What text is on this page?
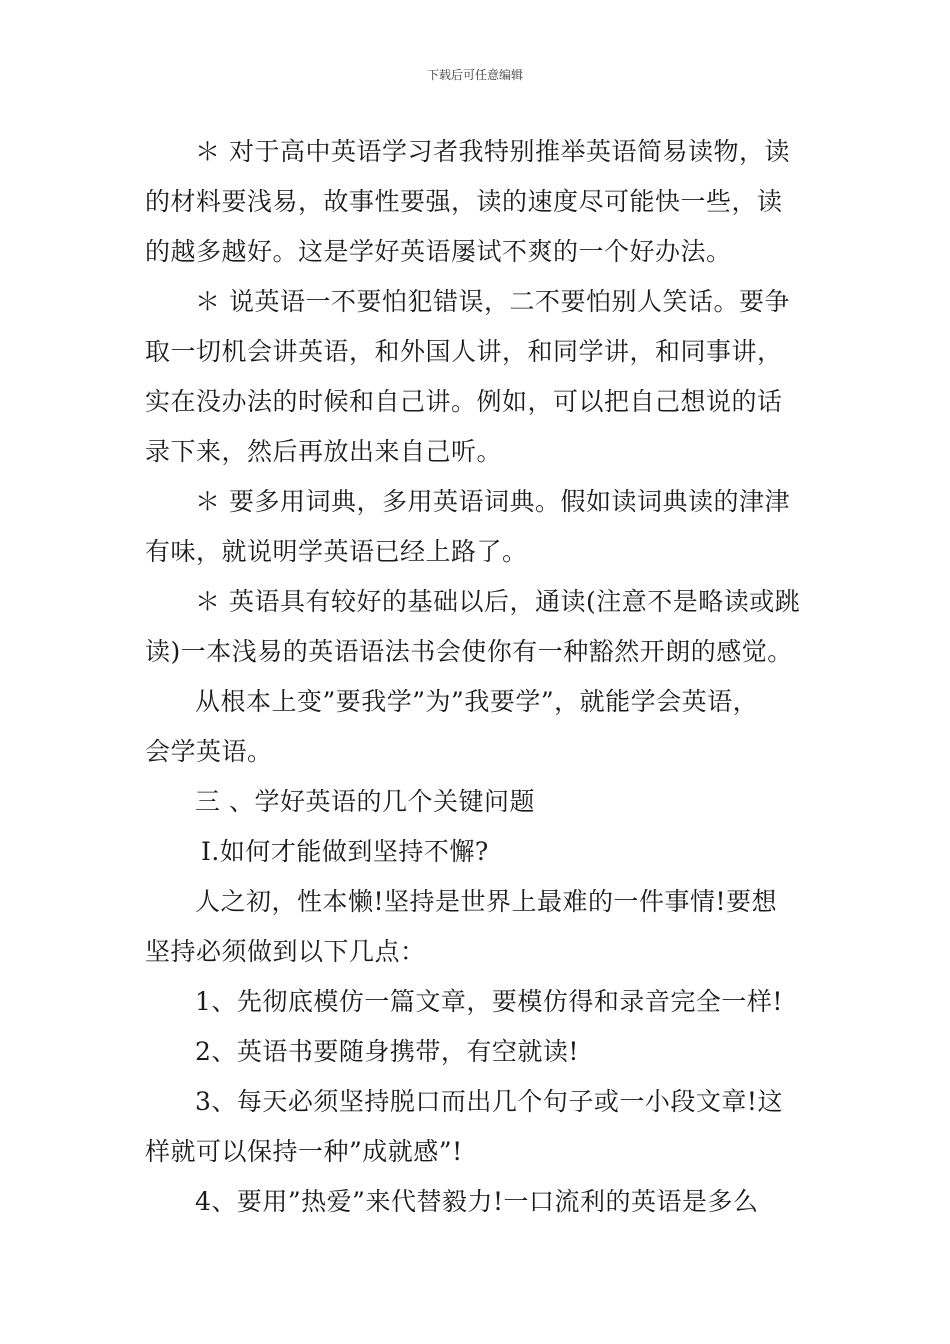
下载后可任意编辑

＊ 对于高中英语学习者我特别推举英语简易读物，读
的材料要浅易，故事性要强，读的速度尽可能快一些，读
的越多越好。这是学好英语屡试不爽的一个好办法。

＊ 说英语一不要怕犯错误，二不要怕别人笑话。要争
取一切机会讲英语，和外国人讲，和同学讲，和同事讲，
实在没办法的时候和自己讲。例如，可以把自己想说的话
录下来，然后再放出来自己听。

＊ 要多用词典，多用英语词典。假如读词典读的津津
有味，就说明学英语已经上路了。

＊ 英语具有较好的基础以后，通读(注意不是略读或跳
读)一本浅易的英语语法书会使你有一种豁然开朗的感觉。

从根本上变”要我学”为”我要学”，就能学会英语，
会学英语。

三 、学好英语的几个关键问题

Ⅰ.如何才能做到坚持不懈?

人之初，性本懒!坚持是世界上最难的一件事情!要想
坚持必须做到以下几点：

1、先彻底模仿一篇文章，要模仿得和录音完全一样!

2、英语书要随身携带，有空就读!

3、每天必须坚持脱口而出几个句子或一小段文章!这
样就可以保持一种”成就感”!

4、要用”热爱”来代替毅力!一口流利的英语是多么
